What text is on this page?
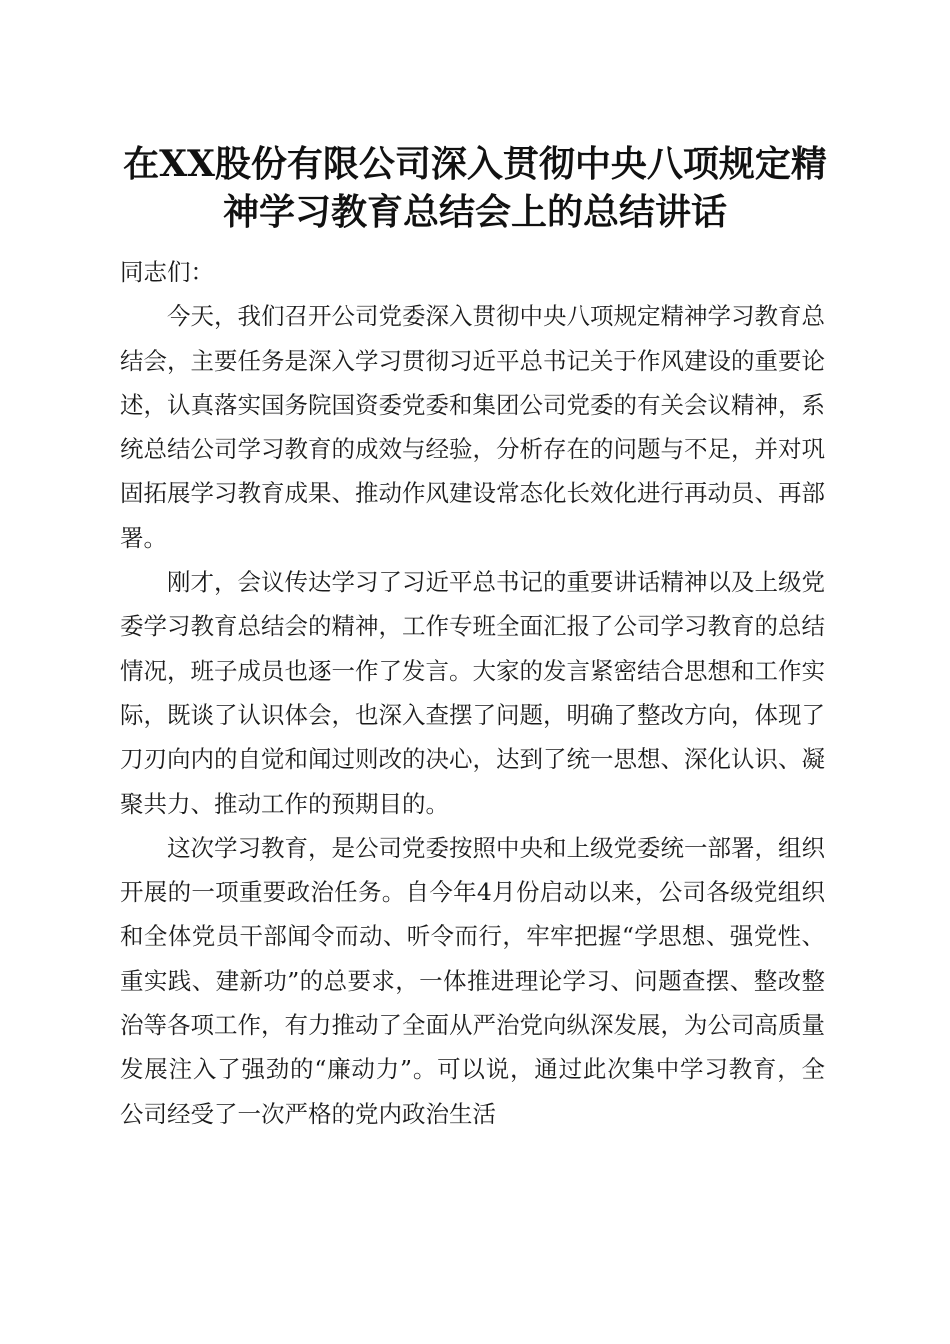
在XX股份有限公司深入贯彻中央八项规定精
神学习教育总结会上的总结讲话

同志们：

今天，我们召开公司党委深入贯彻中央八项规定精神学习教育总结会，主要任务是深入学习贯彻习近平总书记关于作风建设的重要论述，认真落实国务院国资委党委和集团公司党委的有关会议精神，系统总结公司学习教育的成效与经验，分析存在的问题与不足，并对巩固拓展学习教育成果、推动作风建设常态化长效化进行再动员、再部署。

刚才，会议传达学习了习近平总书记的重要讲话精神以及上级党委学习教育总结会的精神，工作专班全面汇报了公司学习教育的总结情况，班子成员也逐一作了发言。大家的发言紧密结合思想和工作实际，既谈了认识体会，也深入查摆了问题，明确了整改方向，体现了刀刃向内的自觉和闻过则改的决心，达到了统一思想、深化认识、凝聚共力、推动工作的预期目的。

这次学习教育，是公司党委按照中央和上级党委统一部署，组织开展的一项重要政治任务。自今年4月份启动以来，公司各级党组织和全体党员干部闻令而动、听令而行，牢牢把握“学思想、强党性、重实践、建新功”的总要求，一体推进理论学习、问题查摆、整改整治等各项工作，有力推动了全面从严治党向纵深发展，为公司高质量发展注入了强劲的“廉动力”。可以说，通过此次集中学习教育，全公司经受了一次严格的党内政治生活
